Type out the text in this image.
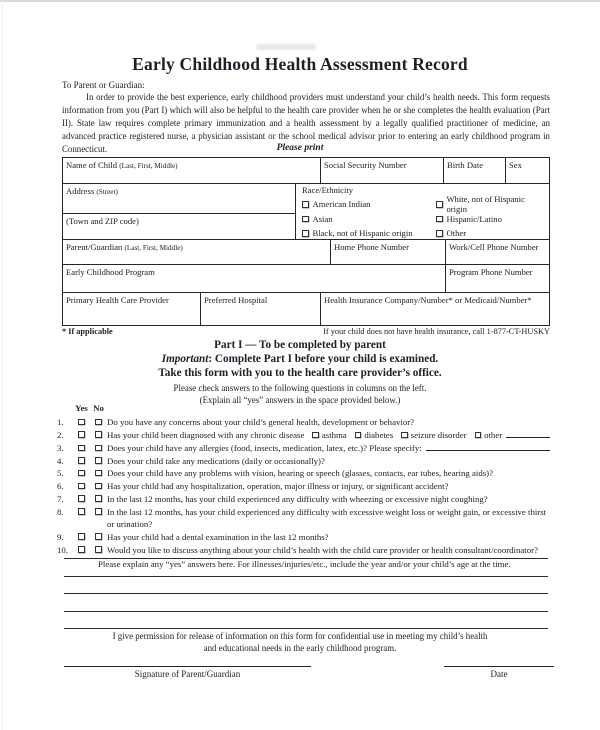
Early Childhood Health Assessment Record
To Parent or Guardian:
In order to provide the best experience, early childhood providers must understand your child’s health needs. This form requests information from you (Part I) which will also be helpful to the health care provider when he or she completes the health evaluation (Part II). State law requires complete primary immunization and a health assessment by a legally qualified practitioner of medicine, an advanced practice registered nurse, a physician assistant or the school medical advisor prior to entering an early childhood program in Connecticut.	Please print
Name of Child (Last, First, Middle)	Social Security Number	Birth Date	Sex
Address (Street)
(Town and ZIP code)
Race/Ethnicity
American Indian
Asian
Black, not of Hispanic origin
White, not of Hispanic origin
Hispanic/Latino
Other
Parent/Guardian (Last, First, Middle)	Home Phone Number	Work/Cell Phone Number
Early Childhood Program	Program Phone Number
Primary Health Care Provider	Preferred Hospital	Health Insurance Company/Number* or Medicaid/Number*
* If applicable	If your child does not have health insurance, call 1-877-CT-HUSKY
Part I — To be completed by parent
Important: Complete Part I before your child is examined.
Take this form with you to the health care provider’s office.
Please check answers to the following questions in columns on the left.
(Explain all “yes” answers in the space provided below.)
Yes No
1.	Do you have any concerns about your child’s general health, development or behavior?
2.	Has your child been diagnosed with any chronic disease asthma diabetes seizure disorder other
3.	Does your child have any allergies (food, insects, medication, latex, etc.)? Please specify:
4.	Does your child take any medications (daily or occasionally)?
5.	Does your child have any problems with vision, hearing or speech (glasses, contacts, ear tubes, hearing aids)?
6.	Has your child had any hospitalization, operation, major illness or injury, or significant accident?
7.	In the last 12 months, has your child experienced any difficulty with wheezing or excessive night coughing?
8.	In the last 12 months, has your child experienced any difficulty with excessive weight loss or weight gain, or excessive thirst or urination?
9.	Has your child had a dental examination in the last 12 months?
10.	Would you like to discuss anything about your child’s health with the child care provider or health consultant/coordinator?
Please explain any “yes” answers here. For illnesses/injuries/etc., include the year and/or your child’s age at the time.
I give permission for release of information on this form for confidential use in meeting my child’s health
and educational needs in the early childhood program.
Signature of Parent/Guardian	Date
